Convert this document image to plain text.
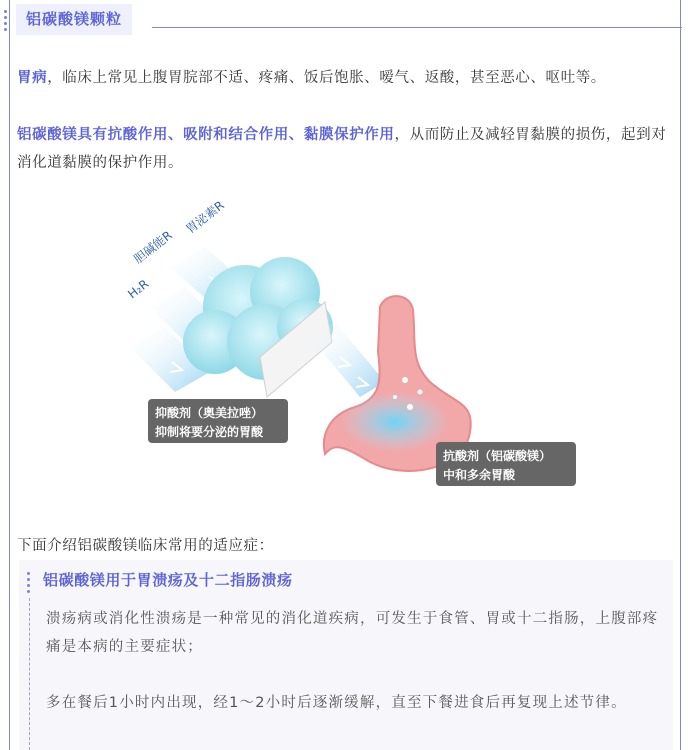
铝碳酸镁颗粒

胃病，临床上常见上腹胃脘部不适、疼痛、饭后饱胀、嗳气、返酸，甚至恶心、呕吐等。

铝碳酸镁具有抗酸作用、吸附和结合作用、黏膜保护作用，从而防止及减轻胃黏膜的损伤，起到对消化道黏膜的保护作用。

胆碱能R
胃泌素R
H₂R
抑酸剂（奥美拉唑）
抑制将要分泌的胃酸
抗酸剂（铝碳酸镁）
中和多余胃酸
下面介绍铝碳酸镁临床常用的适应症：
铝碳酸镁用于胃溃疡及十二指肠溃疡

溃疡病或消化性溃疡是一种常见的消化道疾病，可发生于食管、胃或十二指肠，上腹部疼痛是本病的主要症状；

多在餐后1小时内出现，经1～2小时后逐渐缓解，直至下餐进食后再复现上述节律。
